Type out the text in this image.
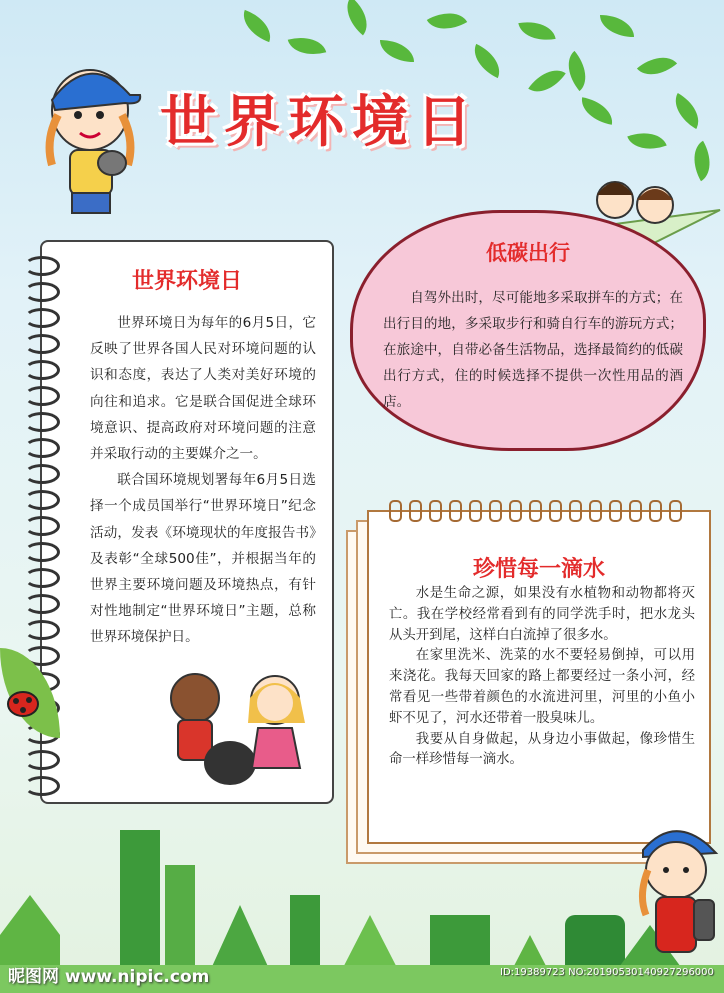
世界环境日
世界环境日

世界环境日为每年的6月5日，它反映了世界各国人民对环境问题的认识和态度，表达了人类对美好环境的向往和追求。它是联合国促进全球环境意识、提高政府对环境问题的注意并采取行动的主要媒介之一。

联合国环境规划署每年6月5日选择一个成员国举行“世界环境日”纪念活动，发表《环境现状的年度报告书》及表彰“全球500佳”，并根据当年的世界主要环境问题及环境热点，有针对性地制定“世界环境日”主题，总称世界环境保护日。

低碳出行
自驾外出时，尽可能地多采取拼车的方式；在出行目的地，多采取步行和骑自行车的游玩方式；在旅途中，自带必备生活物品，选择最简约的低碳出行方式，住的时候选择不提供一次性用品的酒店。
珍惜每一滴水

水是生命之源，如果没有水植物和动物都将灭亡。我在学校经常看到有的同学洗手时，把水龙头从头开到尾，这样白白流掉了很多水。

在家里洗米、洗菜的水不要轻易倒掉，可以用来浇花。我每天回家的路上都要经过一条小河，经常看见一些带着颜色的水流进河里，河里的小鱼小虾不见了，河水还带着一股臭味儿。

我要从自身做起，从身边小事做起，像珍惜生命一样珍惜每一滴水。

昵图网 www.nipic.com	ID:19389723 NO:20190530140927296000
